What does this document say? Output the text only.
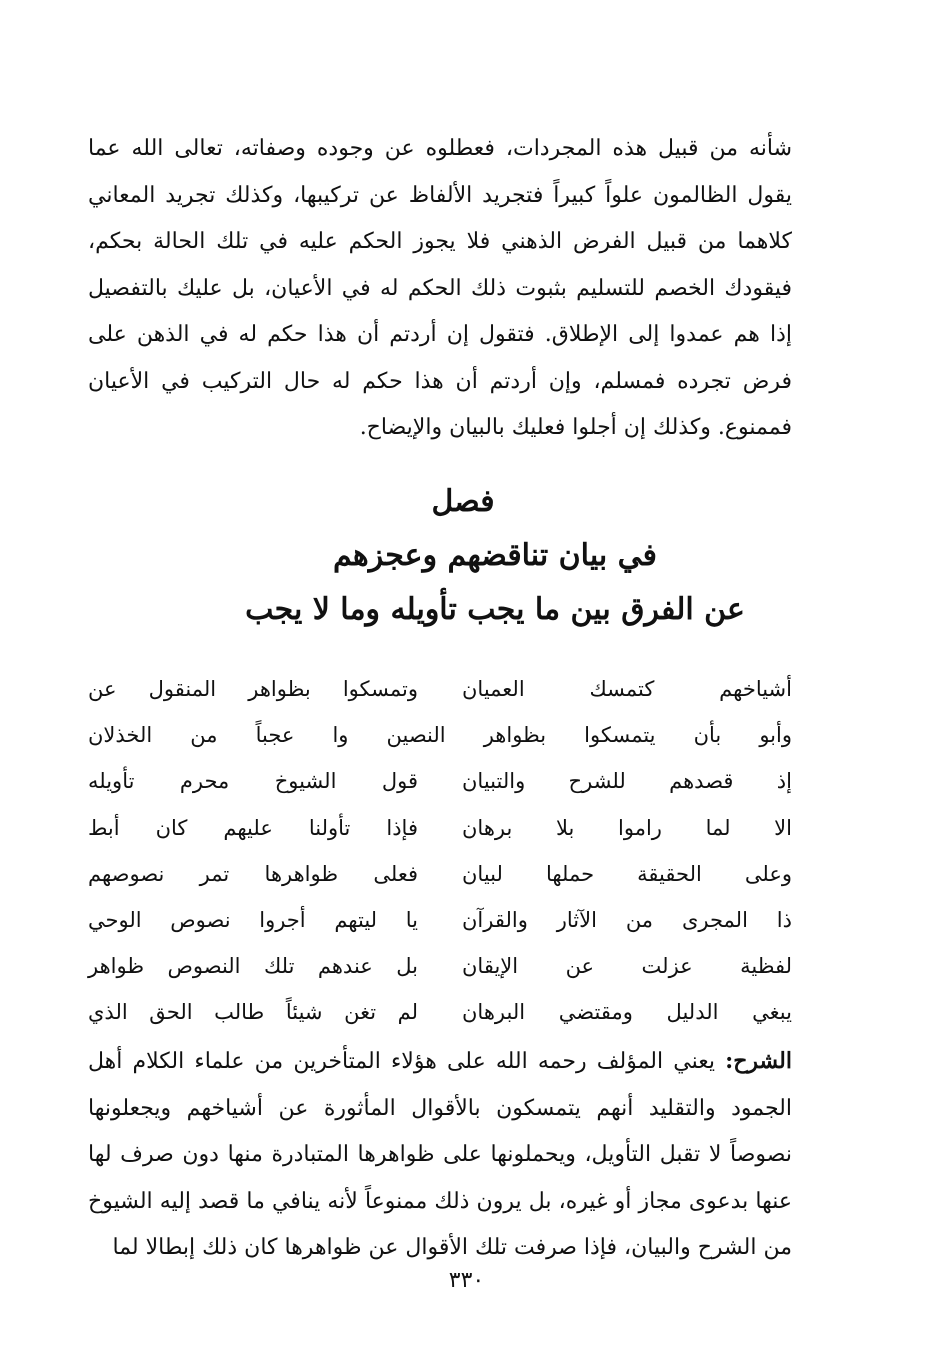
شأنه من قبيل هذه المجردات، فعطلوه عن وجوده وصفاته، تعالى الله عما يقول الظالمون علواً كبيراً فتجريد الألفاظ عن تركيبها، وكذلك تجريد المعاني كلاهما من قبيل الفرض الذهني فلا يجوز الحكم عليه في تلك الحالة بحكم، فيقودك الخصم للتسليم بثبوت ذلك الحكم له في الأعيان، بل عليك بالتفصيل إذا هم عمدوا إلى الإطلاق. فتقول إن أردتم أن هذا حكم له في الذهن على فرض تجرده فمسلم، وإن أردتم أن هذا حكم له حال التركيب في الأعيان فممنوع. وكذلك إن أجلوا فعليك بالبيان والإيضاح.

فصل
في بيان تناقضهم وعجزهم
عن الفرق بين ما يجب تأويله وما لا يجب
وتمسكوا بظواهر المنقول عن أشياخهم كتمسك العميان
وأبو بأن يتمسكوا بظواهر النصين وا عجباً من الخذلان
قول الشيوخ محرم تأويله إذ قصدهم للشرح والتبيان
فإذا تأولنا عليهم كان أبط الا لما راموا بلا برهان
فعلى ظواهرها تمر نصوصهم وعلى الحقيقة حملها لبيان
يا ليتهم أجروا نصوص الوحي ذا المجرى من الآثار والقرآن
بل عندهم تلك النصوص ظواهر لفظية عزلت عن الإيقان
لم تغن شيئاً طالب الحق الذي يبغي الدليل ومقتضي البرهان

الشرح: يعني المؤلف رحمه الله على هؤلاء المتأخرين من علماء الكلام أهل الجمود والتقليد أنهم يتمسكون بالأقوال المأثورة عن أشياخهم ويجعلونها نصوصاً لا تقبل التأويل، ويحملونها على ظواهرها المتبادرة منها دون صرف لها عنها بدعوى مجاز أو غيره، بل يرون ذلك ممنوعاً لأنه ينافي ما قصد إليه الشيوخ من الشرح والبيان، فإذا صرفت تلك الأقوال عن ظواهرها كان ذلك إبطالا لما

٣٣٠
